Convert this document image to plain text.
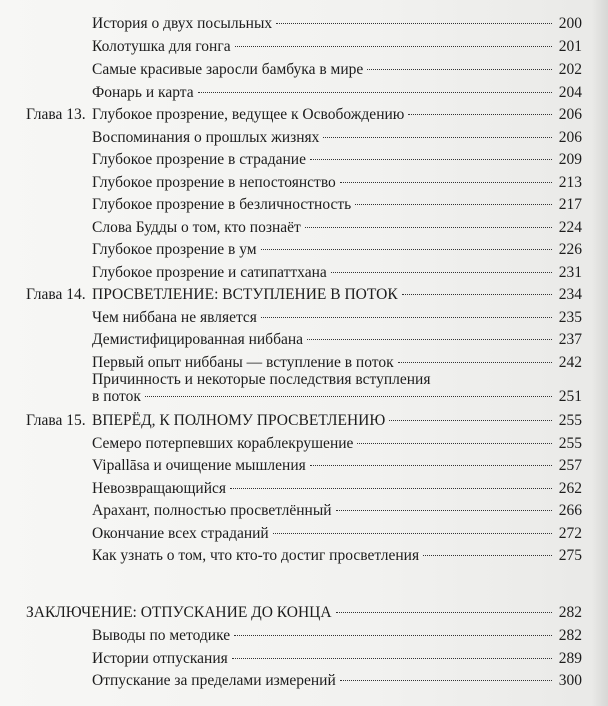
История о двух посыльных	200
Колотушка для гонга	201
Самые красивые заросли бамбука в мире	202
Фонарь и карта	204
Глава 13. Глубокое прозрение, ведущее к Освобождению	206
Воспоминания о прошлых жизнях	206
Глубокое прозрение в страдание	209
Глубокое прозрение в непостоянство	213
Глубокое прозрение в безличностность	217
Слова Будды о том, кто познаёт	224
Глубокое прозрение в ум	226
Глубокое прозрение и сатипаттхана	231
Глава 14. ПРОСВЕТЛЕНИЕ: ВСТУПЛЕНИЕ В ПОТОК	234
Чем ниббана не является	235
Демистифицированная ниббана	237
Первый опыт ниббаны — вступление в поток	242
Причинность и некоторые последствия вступления
в поток	251
Глава 15. ВПЕРЁД, К ПОЛНОМУ ПРОСВЕТЛЕНИЮ	255
Семеро потерпевших кораблекрушение	255
Vipallāsa и очищение мышления	257
Невозвращающийся	262
Арахант, полностью просветлённый	266
Окончание всех страданий	272
Как узнать о том, что кто-то достиг просветления	275
ЗАКЛЮЧЕНИЕ: ОТПУСКАНИЕ ДО КОНЦА	282
Выводы по методике	282
Истории отпускания	289
Отпускание за пределами измерений	300
